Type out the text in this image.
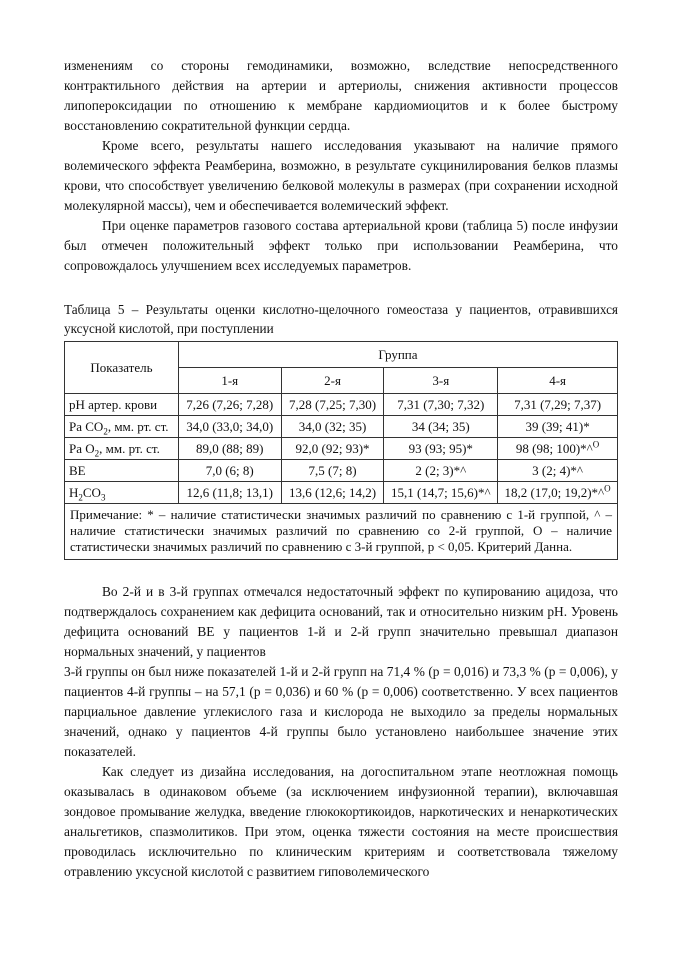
изменениям со стороны гемодинамики, возможно, вследствие непосредственного контрактильного действия на артерии и артериолы, снижения активности процессов липопероксидации по отношению к мембране кардиомиоцитов и к более быстрому восстановлению сократительной функции сердца.

Кроме всего, результаты нашего исследования указывают на наличие прямого волемического эффекта Реамберина, возможно, в результате сукцинилирования белков плазмы крови, что способствует увеличению белковой молекулы в размерах (при сохранении исходной молекулярной массы), чем и обеспечивается волемический эффект.

При оценке параметров газового состава артериальной крови (таблица 5) после инфузии был отмечен положительный эффект только при использовании Реамберина, что сопровождалось улучшением всех исследуемых параметров.

Таблица 5 – Результаты оценки кислотно-щелочного гомеостаза у пациентов, отравившихся уксусной кислотой, при поступлении

Показатель	Группа			
	1-я	2-я	3-я	4-я
pH артер. крови	7,26 (7,26; 7,28)	7,28 (7,25; 7,30)	7,31 (7,30; 7,32)	7,31 (7,29; 7,37)
Pa $CO_2$, мм. рт. ст.	34,0 (33,0; 34,0)	34,0 (32; 35)	34 (34; 35)	39 (39; 41)*
Pa $O_2$, мм. рт. ст.	89,0 (88; 89)	92,0 (92; 93)*	93 (93; 95)*	98 (98; 100)*^$^O$
BE	7,0 (6; 8)	7,5 (7; 8)	2 (2; 3)*^	3 (2; 4)*^
$H_2CO_3$	12,6 (11,8; 13,1)	13,6 (12,6; 14,2)	15,1 (14,7; 15,6)*^	18,2 (17,0; 19,2)*^$^O$
Примечание: * – наличие статистически значимых различий по сравнению с 1-й группой, ^ – наличие статистически значимых различий по сравнению со 2-й группой, O – наличие статистически значимых различий по сравнению с 3-й группой, р < 0,05. Критерий Данна.				

Во 2-й и в 3-й группах отмечался недостаточный эффект по купированию ацидоза, что подтверждалось сохранением как дефицита оснований, так и относительно низким pH. Уровень дефицита оснований BE у пациентов 1-й и 2-й групп значительно превышал диапазон нормальных значений, у пациентов

3-й группы он был ниже показателей 1-й и 2-й групп на 71,4 % (р = 0,016) и 73,3 % (р = 0,006), у пациентов 4-й группы – на 57,1 (р = 0,036) и 60 % (р = 0,006) соответственно. У всех пациентов парциальное давление углекислого газа и кислорода не выходило за пределы нормальных значений, однако у пациентов 4-й группы было установлено наибольшее значение этих показателей.

Как следует из дизайна исследования, на догоспитальном этапе неотложная помощь оказывалась в одинаковом объеме (за исключением инфузионной терапии), включавшая зондовое промывание желудка, введение глюкокортикоидов, наркотических и ненаркотических анальгетиков, спазмолитиков. При этом, оценка тяжести состояния на месте происшествия проводилась исключительно по клиническим критериям и соответствовала тяжелому отравлению уксусной кислотой с развитием гиповолемического
